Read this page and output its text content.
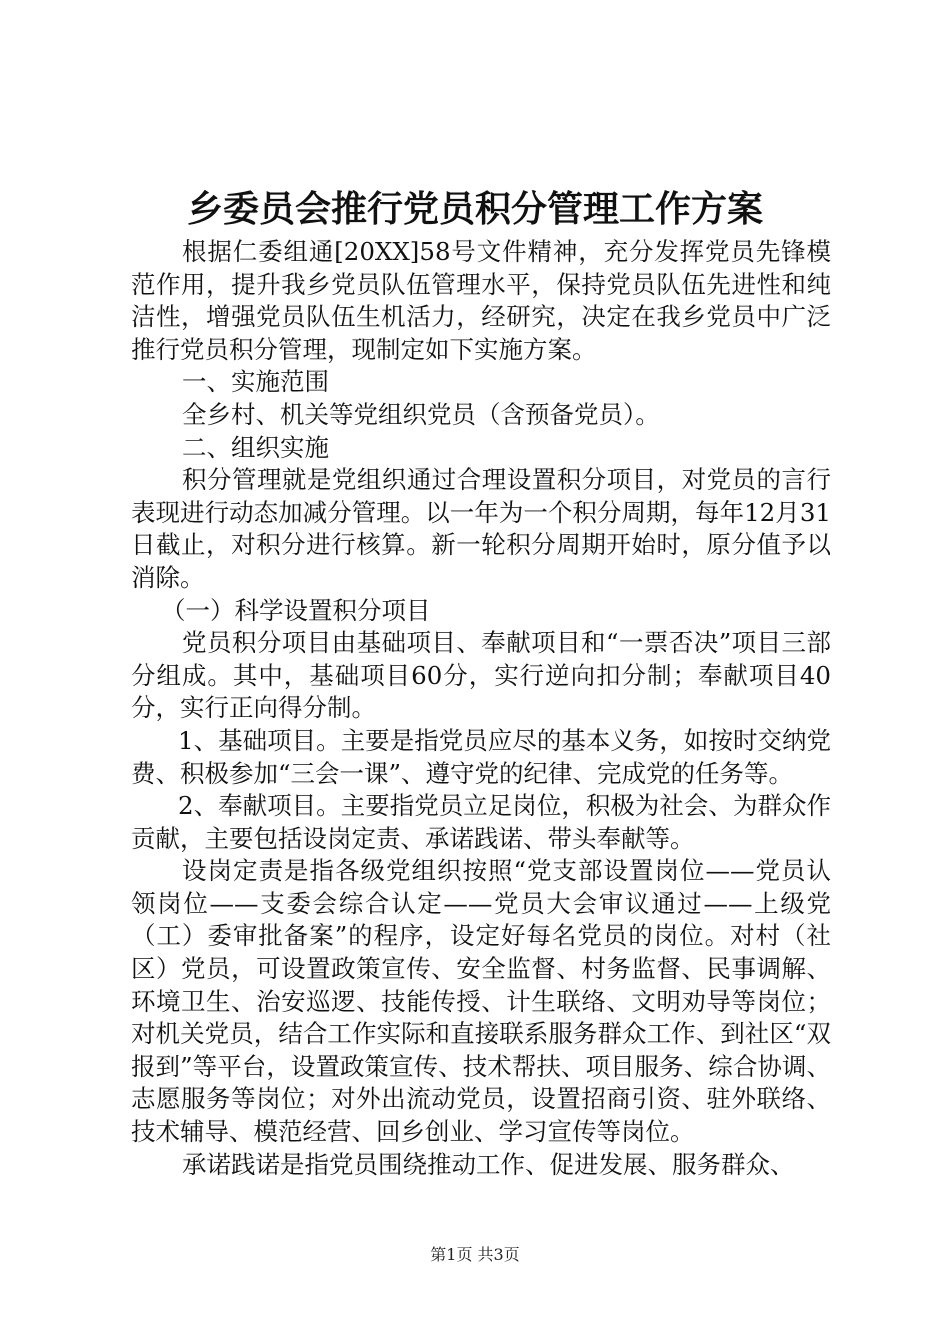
乡委员会推行党员积分管理工作方案

根据仁委组通[20XX]58号文件精神，充分发挥党员先锋模范作用，提升我乡党员队伍管理水平，保持党员队伍先进性和纯洁性，增强党员队伍生机活力，经研究，决定在我乡党员中广泛推行党员积分管理，现制定如下实施方案。

一、实施范围

全乡村、机关等党组织党员（含预备党员）。

二、组织实施

积分管理就是党组织通过合理设置积分项目，对党员的言行表现进行动态加减分管理。以一年为一个积分周期，每年12月31日截止，对积分进行核算。新一轮积分周期开始时，原分值予以消除。

（一）科学设置积分项目

党员积分项目由基础项目、奉献项目和“一票否决”项目三部分组成。其中，基础项目60分，实行逆向扣分制；奉献项目40分，实行正向得分制。

1、基础项目。主要是指党员应尽的基本义务，如按时交纳党费、积极参加“三会一课”、遵守党的纪律、完成党的任务等。

2、奉献项目。主要指党员立足岗位，积极为社会、为群众作贡献，主要包括设岗定责、承诺践诺、带头奉献等。

设岗定责是指各级党组织按照“党支部设置岗位——党员认领岗位——支委会综合认定——党员大会审议通过——上级党（工）委审批备案”的程序，设定好每名党员的岗位。对村（社区）党员，可设置政策宣传、安全监督、村务监督、民事调解、环境卫生、治安巡逻、技能传授、计生联络、文明劝导等岗位；对机关党员，结合工作实际和直接联系服务群众工作、到社区“双报到”等平台，设置政策宣传、技术帮扶、项目服务、综合协调、志愿服务等岗位；对外出流动党员，设置招商引资、驻外联络、技术辅导、模范经营、回乡创业、学习宣传等岗位。

承诺践诺是指党员围绕推动工作、促进发展、服务群众、

第1页 共3页
